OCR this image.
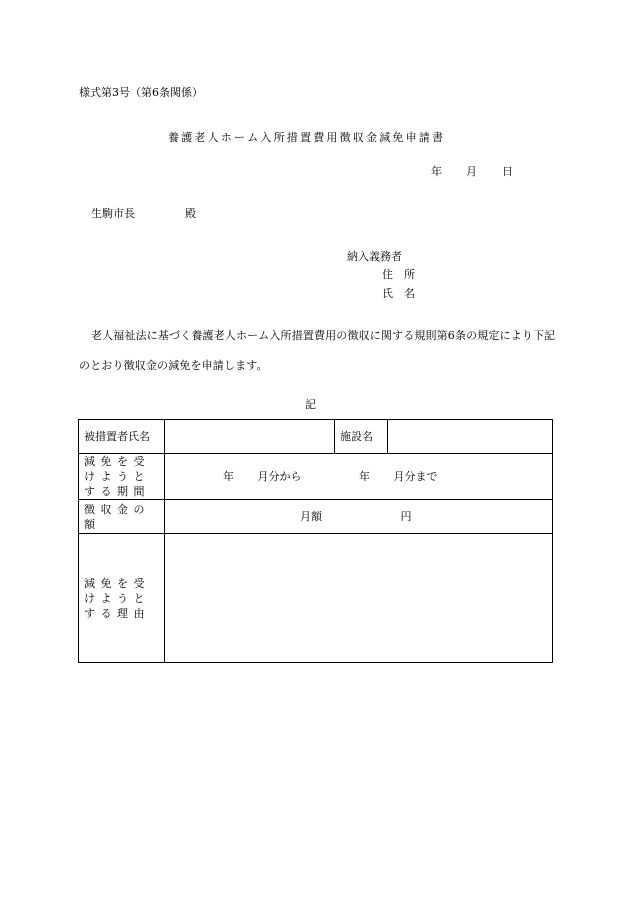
様式第3号（第6条関係）
養護老人ホーム入所措置費用徴収金減免申請書
年 月 日
生駒市長	殿
納入義務者
住所
氏名
老人福祉法に基づく養護老人ホーム入所措置費用の徴収に関する規則第6条の規定により下記のとおり徴収金の減免を申請します。
記
被措置者氏名		施設名	
減免を受けようとする期間	年 月分から 年 月分まで		
徴収金の額	月額 円		
減免を受けようとする理由			
